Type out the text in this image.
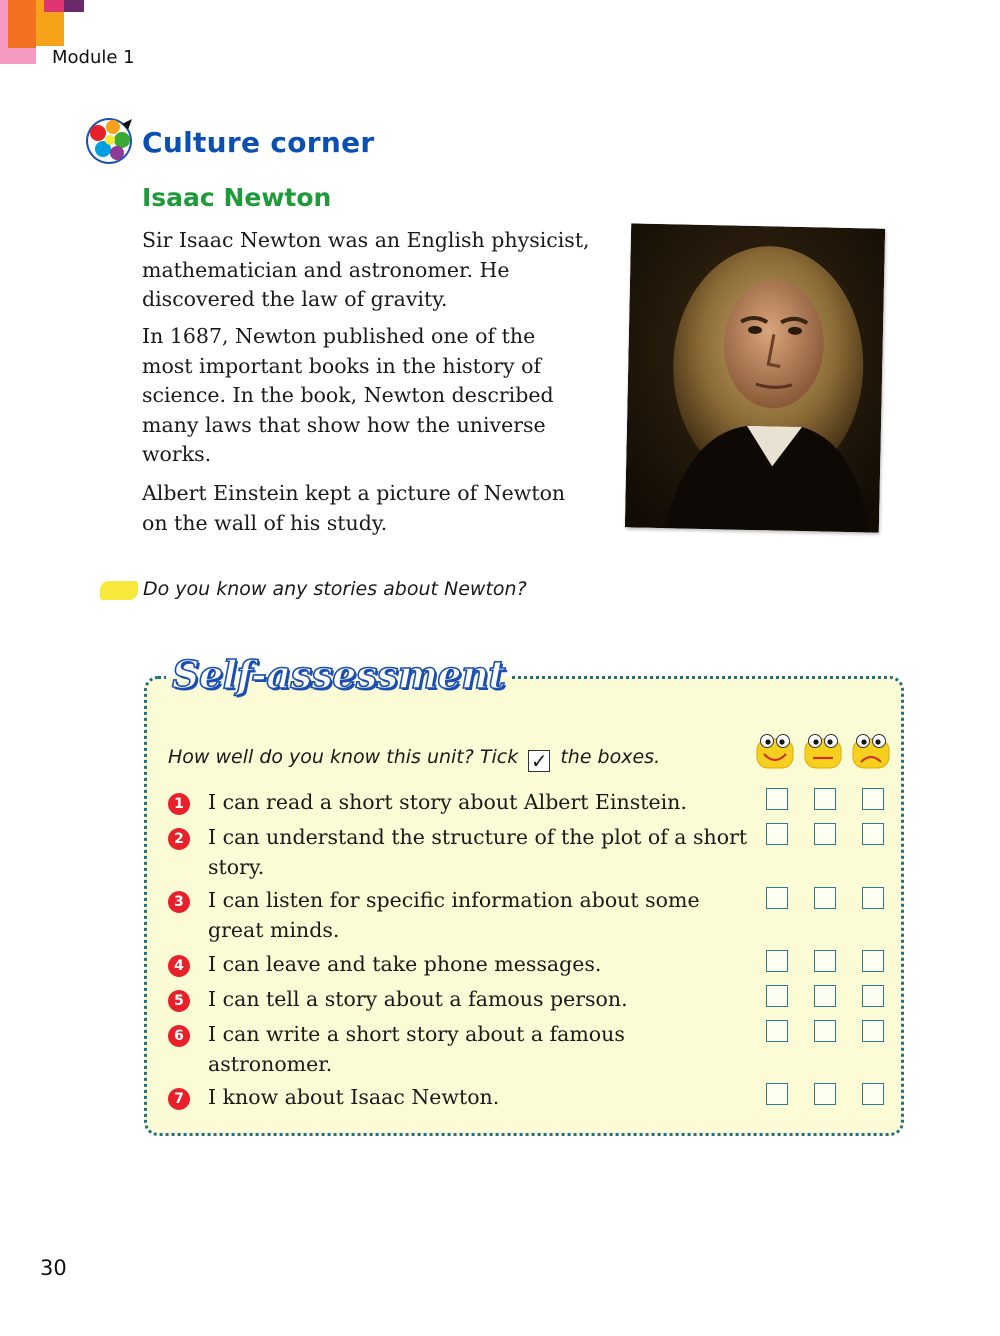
Module 1
Culture corner
Isaac Newton

Sir Isaac Newton was an English physicist, mathematician and astronomer. He discovered the law of gravity.

In 1687, Newton published one of the most important books in the history of science. In the book, Newton described many laws that show how the universe works.

Albert Einstein kept a picture of Newton on the wall of his study.

Do you know any stories about Newton?
Self-assessment
How well do you know this unit? Tick ✓ the boxes.
1 I can read a short story about Albert Einstein.

2 I can understand the structure of the plot of a short story.

3 I can listen for specific information about some great minds.

4 I can leave and take phone messages.

5 I can tell a story about a famous person.

6 I can write a short story about a famous astronomer.

7 I know about Isaac Newton.

30
